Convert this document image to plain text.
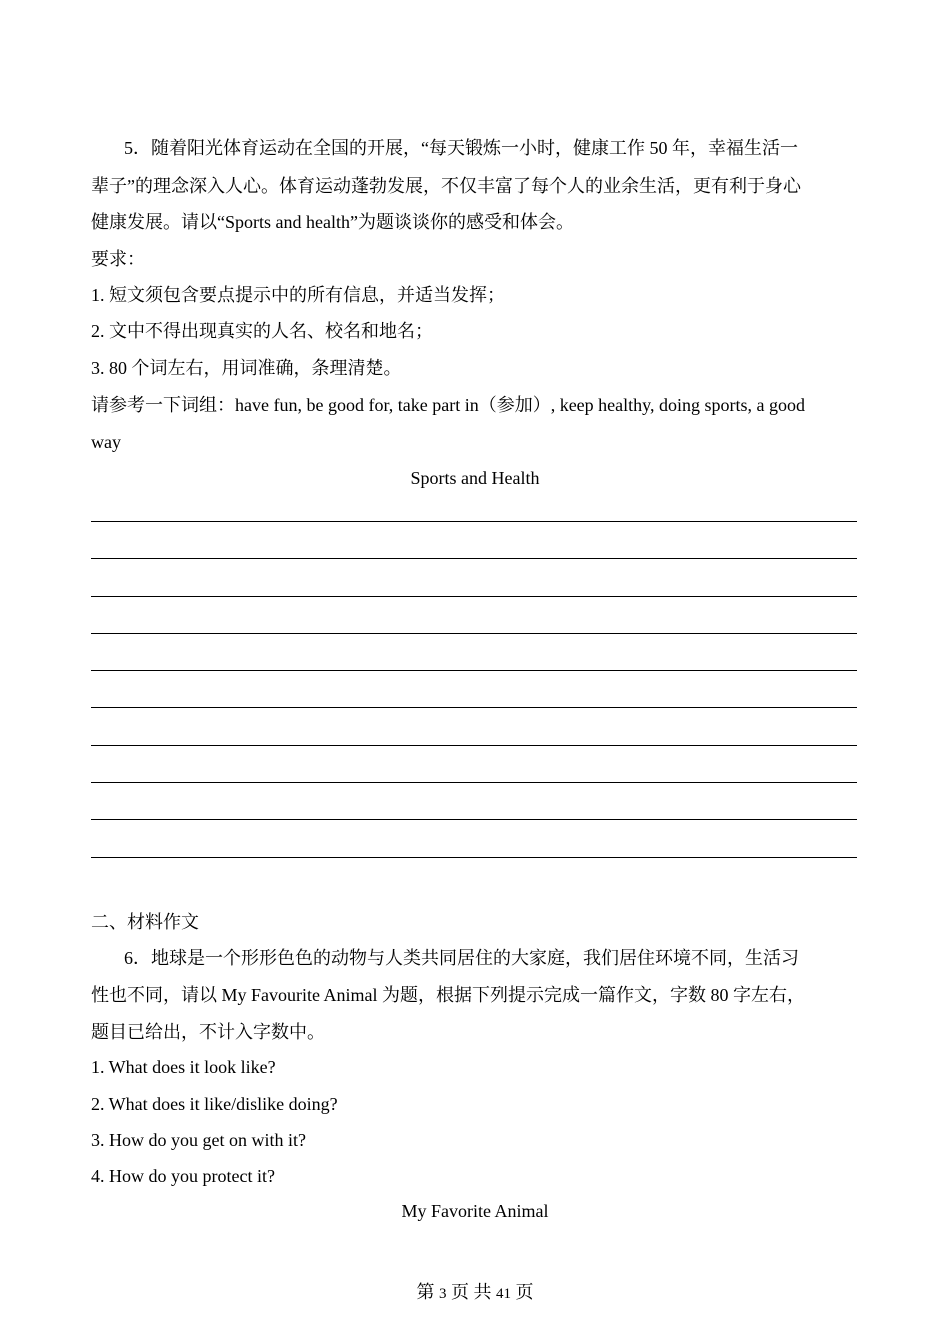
5．随着阳光体育运动在全国的开展，“每天锻炼一小时，健康工作 50 年，幸福生活一
辈子”的理念深入人心。体育运动蓬勃发展，不仅丰富了每个人的业余生活，更有利于身心
健康发展。请以“Sports and health”为题谈谈你的感受和体会。
要求：
1. 短文须包含要点提示中的所有信息，并适当发挥；
2. 文中不得出现真实的人名、校名和地名；
3. 80 个词左右，用词准确，条理清楚。
请参考一下词组：have fun, be good for, take part in（参加）, keep healthy, doing sports, a good
way
Sports and Health
二、材料作文
6．地球是一个形形色色的动物与人类共同居住的大家庭，我们居住环境不同，生活习
性也不同，请以 My Favourite Animal 为题，根据下列提示完成一篇作文，字数 80 字左右，
题目已给出，不计入字数中。
1. What does it look like?
2. What does it like/dislike doing?
3. How do you get on with it?
4. How do you protect it?
My Favorite Animal
第 3 页 共 41 页
